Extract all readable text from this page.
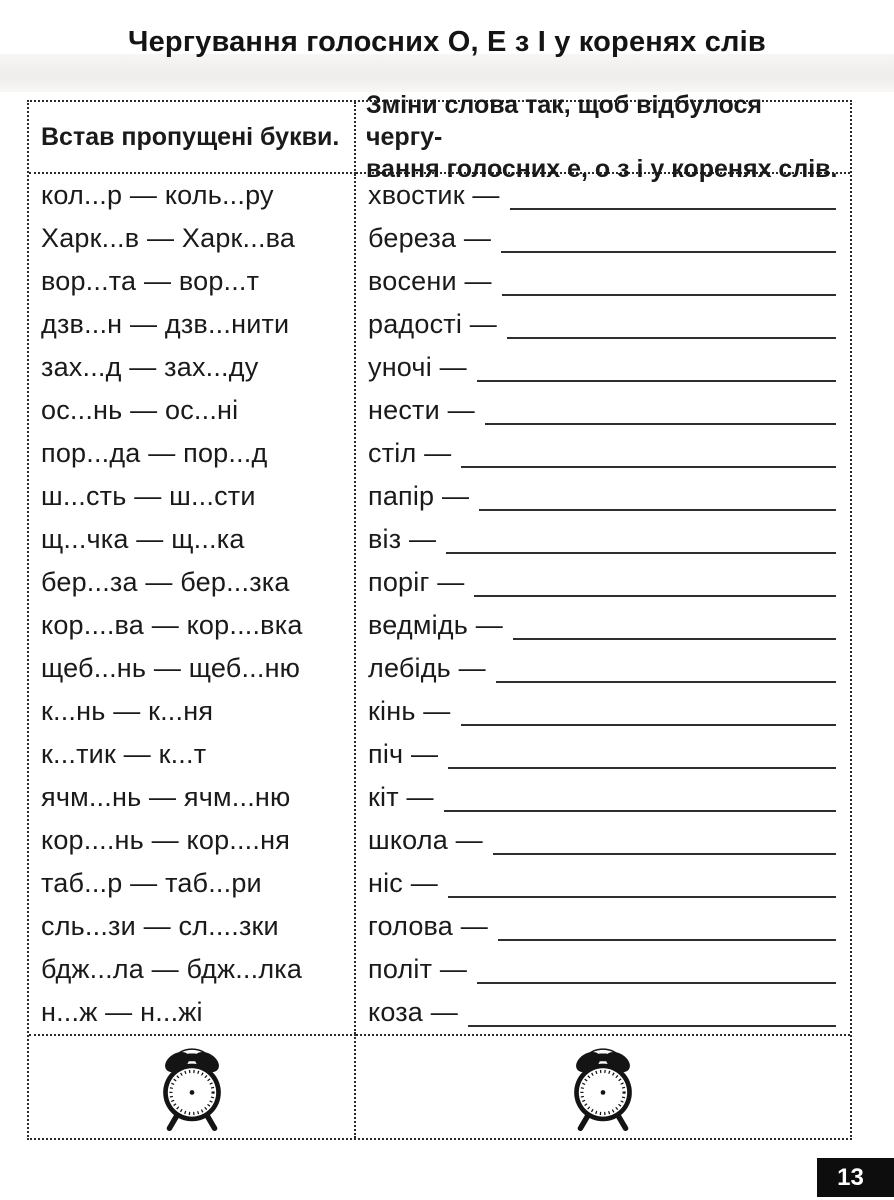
Чергування голосних О, Е з І у коренях слів
Встав пропущені букви.
Зміни слова так, щоб відбулося чергу-
вання голосних е, о з і у коренях слів.
кол...р — коль...ру
Харк...в — Харк...ва
вор...та — вор...т
дзв...н — дзв...нити
зах...д — зах...ду
ос...нь — ос...ні
пор...да — пор...д
ш...сть — ш...сти
щ...чка — щ...ка
бер...за — бер...зка
кор....ва — кор....вка
щеб...нь — щеб...ню
к...нь — к...ня
к...тик — к...т
ячм...нь — ячм...ню
кор....нь — кор....ня
таб...р — таб...ри
сль...зи — сл....зки
бдж...ла — бдж...лка
н...ж — н...жі
хвостик —
береза —
восени —
радості —
уночі —
нести —
стіл —
папір —
віз —
поріг —
ведмідь —
лебідь —
кінь —
піч —
кіт —
школа —
ніс —
голова —
політ —
коза —
13
